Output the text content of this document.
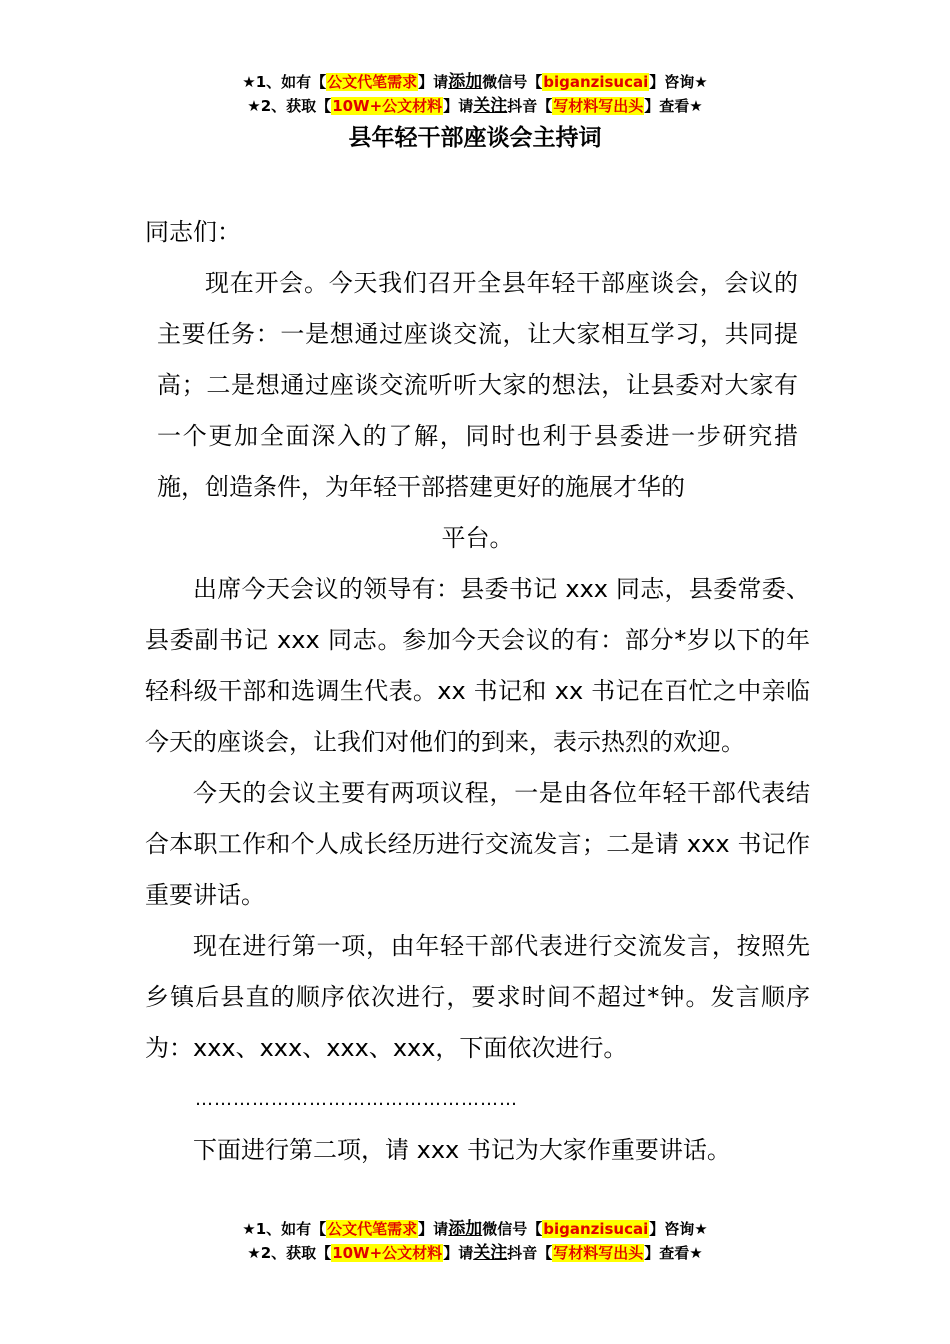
★1、如有【公文代笔需求】请添加微信号【biganzisucai】咨询★
★2、获取【10W+公文材料】请关注抖音【写材料写出头】查看★
县年轻干部座谈会主持词

同志们：

现在开会。今天我们召开全县年轻干部座谈会，会议的主要任务：一是想通过座谈交流，让大家相互学习，共同提高；二是想通过座谈交流听听大家的想法，让县委对大家有一个更加全面深入的了解，同时也利于县委进一步研究措施，创造条件，为年轻干部搭建更好的施展才华的

平台。

出席今天会议的领导有：县委书记 xxx 同志，县委常委、县委副书记 xxx 同志。参加今天会议的有：部分*岁以下的年轻科级干部和选调生代表。xx 书记和 xx 书记在百忙之中亲临今天的座谈会，让我们对他们的到来，表示热烈的欢迎。

今天的会议主要有两项议程，一是由各位年轻干部代表结合本职工作和个人成长经历进行交流发言；二是请 xxx 书记作重要讲话。

现在进行第一项，由年轻干部代表进行交流发言，按照先乡镇后县直的顺序依次进行，要求时间不超过*钟。发言顺序为：xxx、xxx、xxx、xxx，下面依次进行。

……………………………………………

下面进行第二项，请 xxx 书记为大家作重要讲话。

★1、如有【公文代笔需求】请添加微信号【biganzisucai】咨询★
★2、获取【10W+公文材料】请关注抖音【写材料写出头】查看★
